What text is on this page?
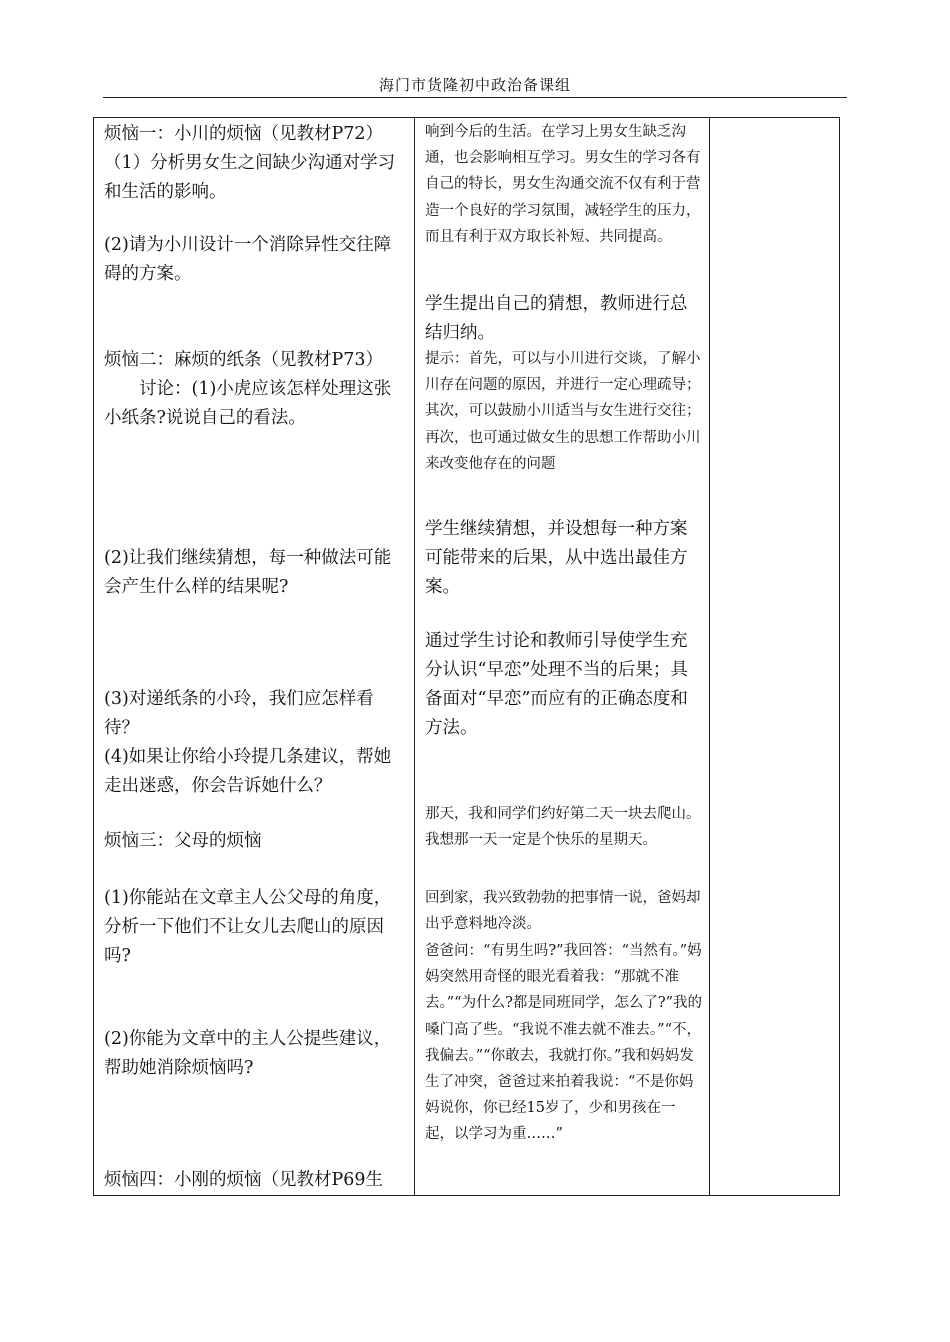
海门市货隆初中政治备课组

烦恼一：小川的烦恼（见教材P72）

（1）分析男女生之间缺少沟通对学习和生活的影响。

(2)请为小川设计一个消除异性交往障碍的方案。

烦恼二：麻烦的纸条（见教材P73）

讨论：(1)小虎应该怎样处理这张小纸条?说说自己的看法。

(2)让我们继续猜想，每一种做法可能会产生什么样的结果呢?

(3)对递纸条的小玲，我们应怎样看待？

(4)如果让你给小玲提几条建议，帮她走出迷惑，你会告诉她什么？

烦恼三：父母的烦恼

(1)你能站在文章主人公父母的角度，分析一下他们不让女儿去爬山的原因吗?

(2)你能为文章中的主人公提些建议，帮助她消除烦恼吗?

烦恼四：小刚的烦恼（见教材P69生

响到今后的生活。在学习上男女生缺乏沟通，也会影响相互学习。男女生的学习各有自己的特长，男女生沟通交流不仅有利于营造一个良好的学习氛围，减轻学生的压力，而且有利于双方取长补短、共同提高。

学生提出自己的猜想，教师进行总结归纳。

提示：首先，可以与小川进行交谈，了解小川存在问题的原因，并进行一定心理疏导；其次，可以鼓励小川适当与女生进行交往；再次，也可通过做女生的思想工作帮助小川来改变他存在的问题

学生继续猜想，并设想每一种方案可能带来的后果，从中选出最佳方案。

通过学生讨论和教师引导使学生充分认识“早恋”处理不当的后果；具备面对“早恋”而应有的正确态度和方法。

那天，我和同学们约好第二天一块去爬山。我想那一天一定是个快乐的星期天。

回到家，我兴致勃勃的把事情一说，爸妈却出乎意料地冷淡。

爸爸问：“有男生吗?”我回答：“当然有。”妈妈突然用奇怪的眼光看着我：“那就不准去。”“为什么?都是同班同学，怎么了?”我的嗓门高了些。“我说不准去就不准去。”“不，我偏去。”“你敢去，我就打你。”我和妈妈发生了冲突，爸爸过来拍着我说：“不是你妈妈说你，你已经15岁了，少和男孩在一起，以学习为重……”
